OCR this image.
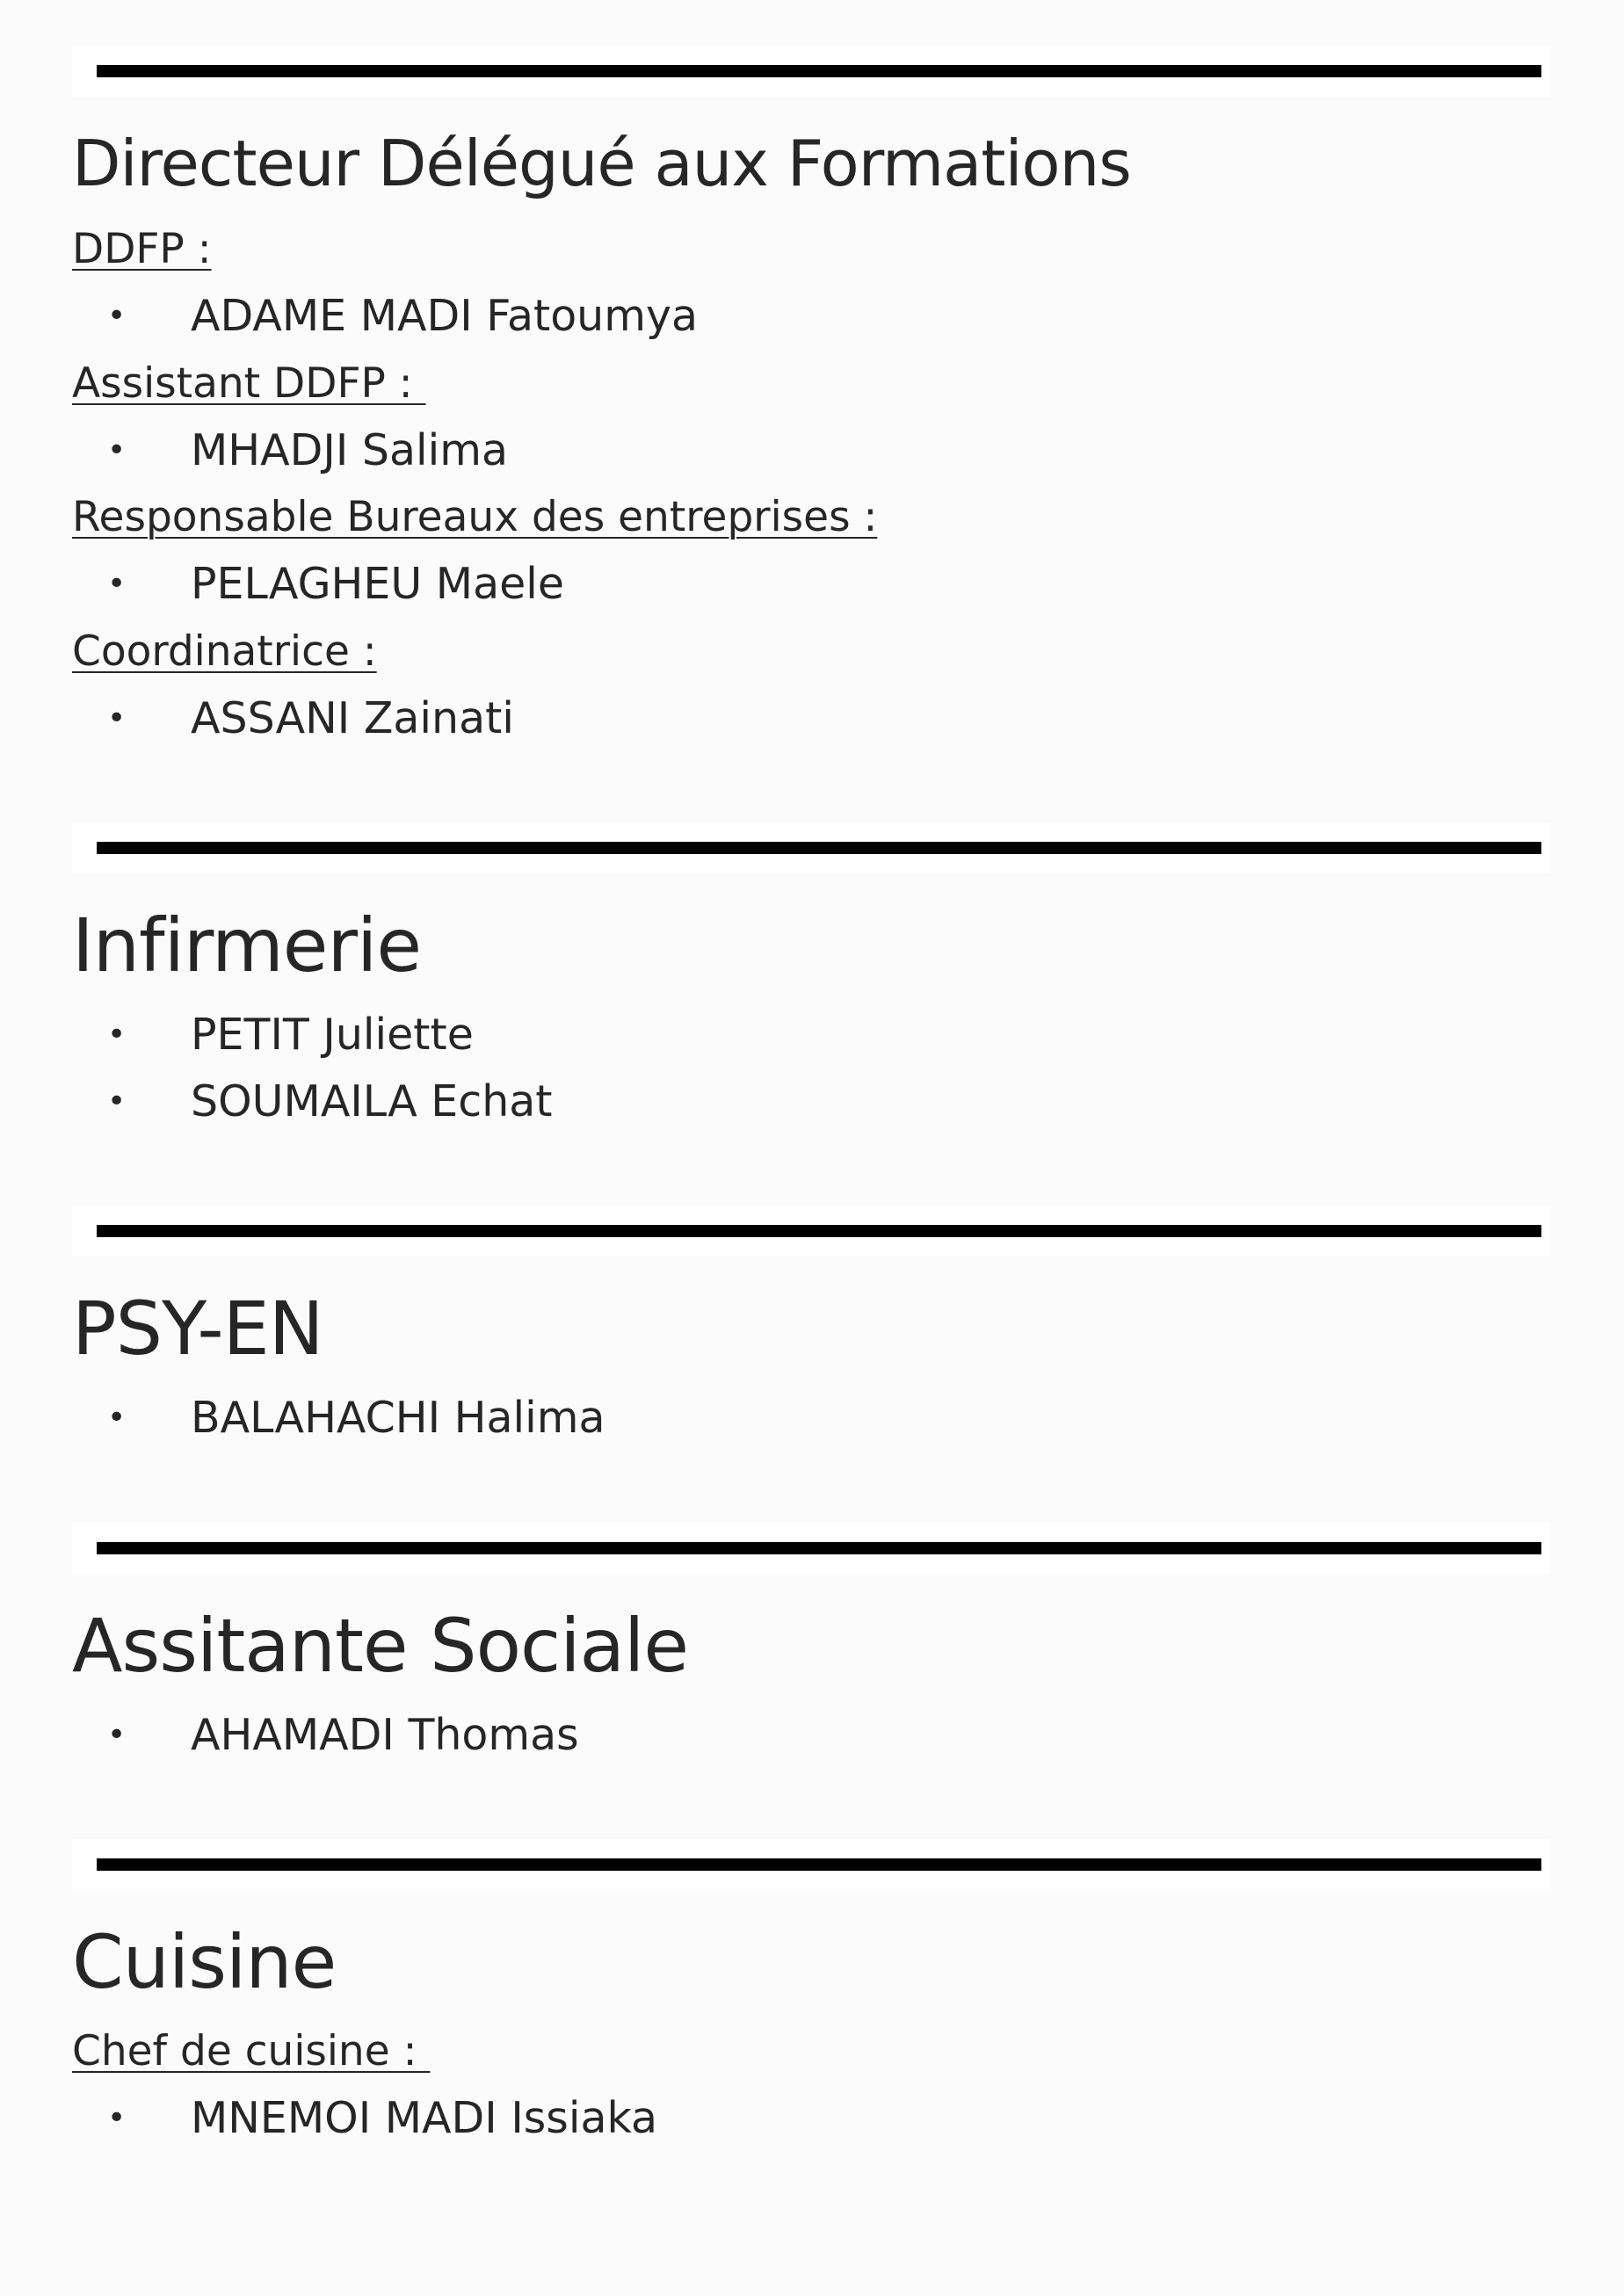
Directeur Délégué aux Formations
DDFP :
• ADAME MADI Fatoumya
Assistant DDFP :
• MHADJI Salima
Responsable Bureaux des entreprises :
• PELAGHEU Maele
Coordinatrice :
• ASSANI Zainati
Infirmerie
• PETIT Juliette
• SOUMAILA Echat
PSY-EN
• BALAHACHI Halima
Assitante Sociale
• AHAMADI Thomas
Cuisine
Chef de cuisine :
• MNEMOI MADI Issiaka
